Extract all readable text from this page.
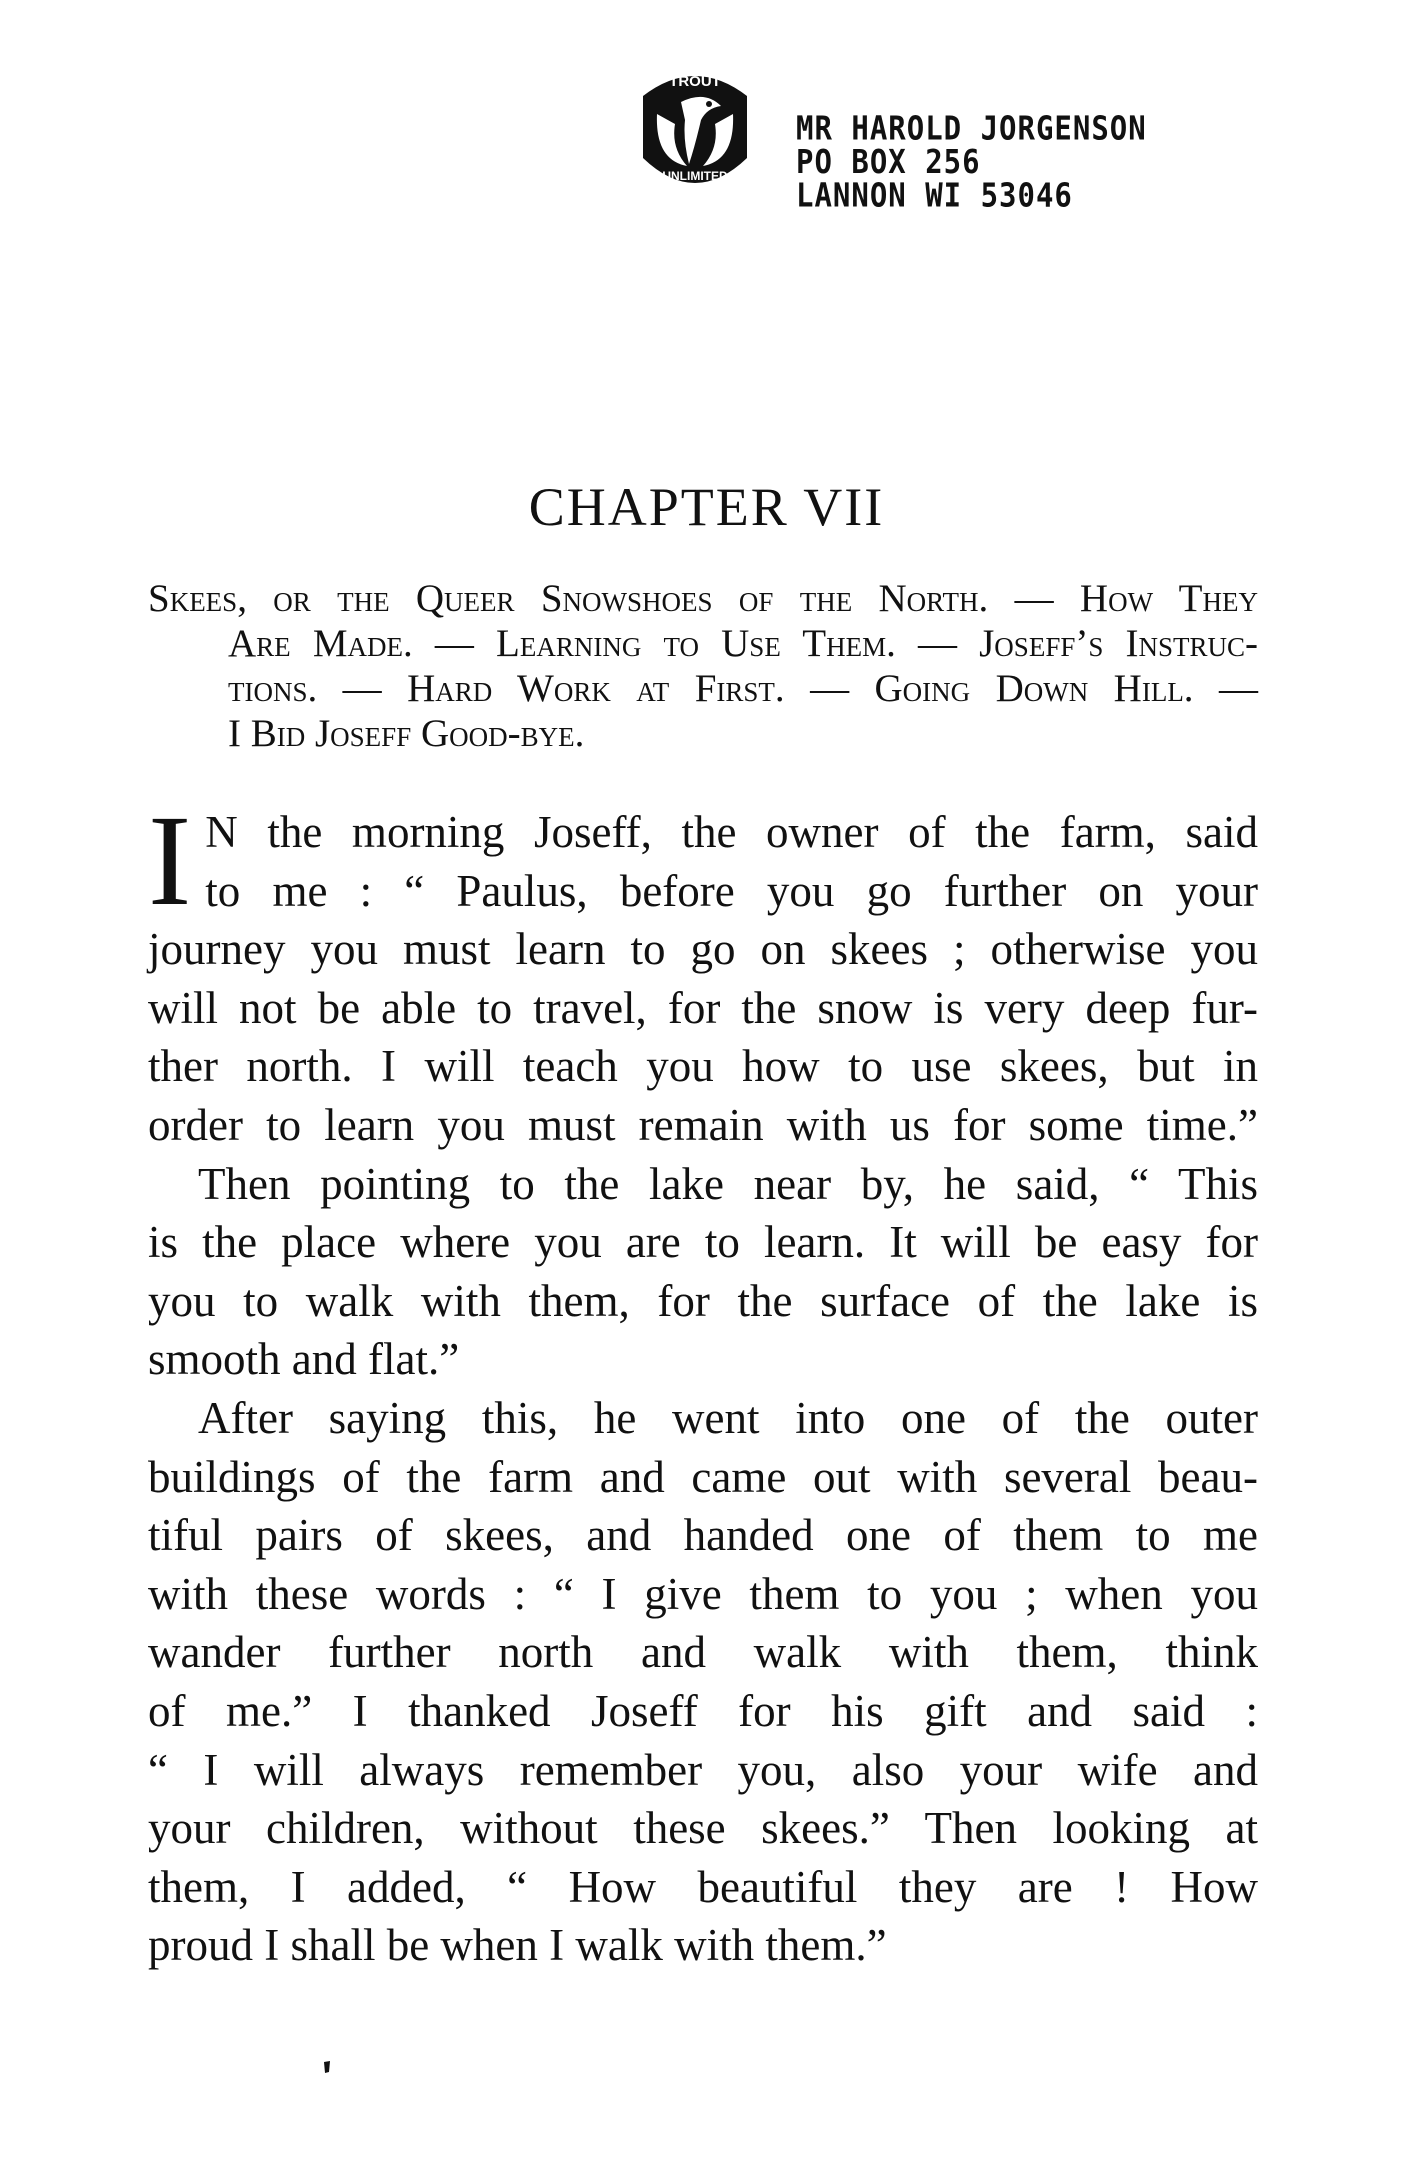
TROUT
UNLIMITED
MR HAROLD JORGENSON
PO BOX 256
LANNON WI 53046
CHAPTER VII
Skees, or the Queer Snowshoes of the North. — How They
Are Made. — Learning to Use Them. — Joseff’s Instruc-
tions. — Hard Work at First. — Going Down Hill. —
I Bid Joseff Good-bye.
I N the morning Joseff, the owner of the farm, said
to me : “ Paulus, before you go further on your
journey you must learn to go on skees ; otherwise you
will not be able to travel, for the snow is very deep fur-
ther north. I will teach you how to use skees, but in
order to learn you must remain with us for some time.”
Then pointing to the lake near by, he said, “ This
is the place where you are to learn. It will be easy for
you to walk with them, for the surface of the lake is
smooth and flat.”
After saying this, he went into one of the outer
buildings of the farm and came out with several beau-
tiful pairs of skees, and handed one of them to me
with these words : “ I give them to you ; when you
wander further north and walk with them, think
of me.” I thanked Joseff for his gift and said :
“ I will always remember you, also your wife and
your children, without these skees.” Then looking at
them, I added, “ How beautiful they are ! How
proud I shall be when I walk with them.”
